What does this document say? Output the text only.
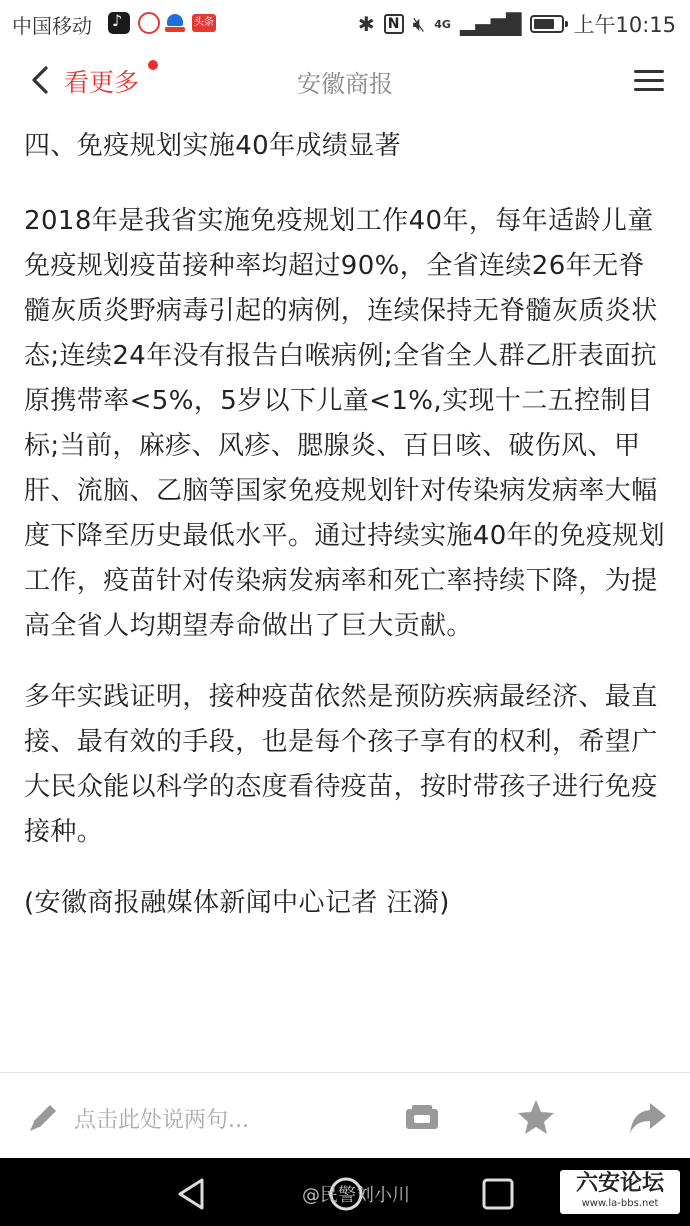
中国移动
♪	头条	✱ N 🔇︎ 4G ▂▄▆█ 上午10:15
看更多	安徽商报
四、免疫规划实施40年成绩显著
2018年是我省实施免疫规划工作40年，每年适龄儿童免疫规划疫苗接种率均超过90%，全省连续26年无脊髓灰质炎野病毒引起的病例，连续保持无脊髓灰质炎状态;连续24年没有报告白喉病例;全省全人群乙肝表面抗原携带率<5%，5岁以下儿童<1%,实现十二五控制目标;当前，麻疹、风疹、腮腺炎、百日咳、破伤风、甲肝、流脑、乙脑等国家免疫规划针对传染病发病率大幅度下降至历史最低水平。通过持续实施40年的免疫规划工作，疫苗针对传染病发病率和死亡率持续下降，为提高全省人均期望寿命做出了巨大贡献。
多年实践证明，接种疫苗依然是预防疾病最经济、最直接、最有效的手段，也是每个孩子享有的权利，希望广大民众能以科学的态度看待疫苗，按时带孩子进行免疫接种。
(安徽商报融媒体新闻中心记者 汪漪)
点击此处说两句...
@民警刘小川	六安论坛
www.la-bbs.net
